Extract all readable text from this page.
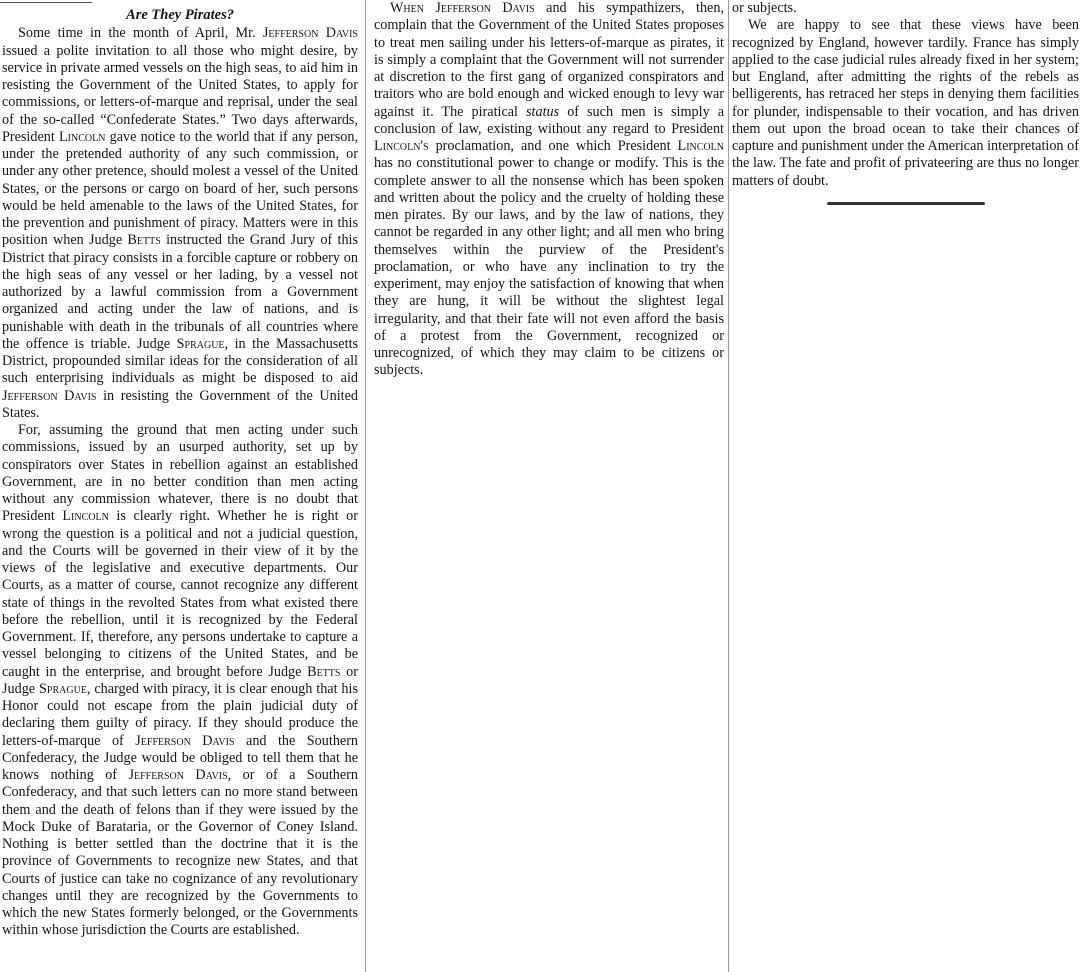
Are They Pirates?

Some time in the month of April, Mr. Jefferson Davis issued a polite invitation to all those who might desire, by service in private armed vessels on the high seas, to aid him in resisting the Government of the United States, to apply for commissions, or letters-of-marque and reprisal, under the seal of the so-called “Confederate States.” Two days afterwards, President Lincoln gave notice to the world that if any person, under the pretended authority of any such commission, or under any other pretence, should molest a vessel of the United States, or the persons or cargo on board of her, such persons would be held amenable to the laws of the United States, for the prevention and punishment of piracy. Matters were in this position when Judge Betts instructed the Grand Jury of this District that piracy consists in a forcible capture or robbery on the high seas of any vessel or her lading, by a vessel not authorized by a lawful commission from a Government organized and acting under the law of nations, and is punishable with death in the tribunals of all countries where the offence is triable. Judge Sprague, in the Massachusetts District, propounded similar ideas for the consideration of all such enterprising individuals as might be disposed to aid Jefferson Davis in resisting the Government of the United States.

For, assuming the ground that men acting under such commissions, issued by an usurped authority, set up by conspirators over States in rebellion against an established Government, are in no better condition than men acting without any commission whatever, there is no doubt that President Lincoln is clearly right. Whether he is right or wrong the question is a political and not a judicial question, and the Courts will be governed in their view of it by the views of the legislative and executive departments. Our Courts, as a matter of course, cannot recognize any different state of things in the revolted States from what existed there before the rebellion, until it is recognized by the Federal Government. If, therefore, any persons undertake to capture a vessel belonging to citizens of the United States, and be caught in the enterprise, and brought before Judge Betts or Judge Sprague, charged with piracy, it is clear enough that his Honor could not escape from the plain judicial duty of declaring them guilty of piracy. If they should produce the letters-of-marque of Jefferson Davis and the Southern Confederacy, the Judge would be obliged to tell them that he knows nothing of Jefferson Davis, or of a Southern Confederacy, and that such letters can no more stand between them and the death of felons than if they were issued by the Mock Duke of Barataria, or the Governor of Coney Island. Nothing is better settled than the doctrine that it is the province of Governments to recognize new States, and that Courts of justice can take no cognizance of any revolutionary changes until they are recognized by the Governments to which the new States formerly belonged, or the Governments within whose jurisdiction the Courts are established.

When Jefferson Davis and his sympathizers, then, complain that the Government of the United States proposes to treat men sailing under his letters-of-marque as pirates, it is simply a complaint that the Government will not surrender at discretion to the first gang of organized conspirators and traitors who are bold enough and wicked enough to levy war against it. The piratical status of such men is simply a conclusion of law, existing without any regard to President Lincoln's proclamation, and one which President Lincoln has no constitutional power to change or modify. This is the complete answer to all the nonsense which has been spoken and written about the policy and the cruelty of holding these men pirates. By our laws, and by the law of nations, they cannot be regarded in any other light; and all men who bring themselves within the purview of the President's proclamation, or who have any inclination to try the experiment, may enjoy the satisfaction of knowing that when they are hung, it will be without the slightest legal irregularity, and that their fate will not even afford the basis of a protest from the Government, recognized or unrecognized, of which they may claim to be citizens or subjects.

or subjects.

We are happy to see that these views have been recognized by England, however tardily. France has simply applied to the case judicial rules already fixed in her system; but England, after admitting the rights of the rebels as belligerents, has retraced her steps in denying them facilities for plunder, indispensable to their vocation, and has driven them out upon the broad ocean to take their chances of capture and punishment under the American interpretation of the law. The fate and profit of privateering are thus no longer matters of doubt.
